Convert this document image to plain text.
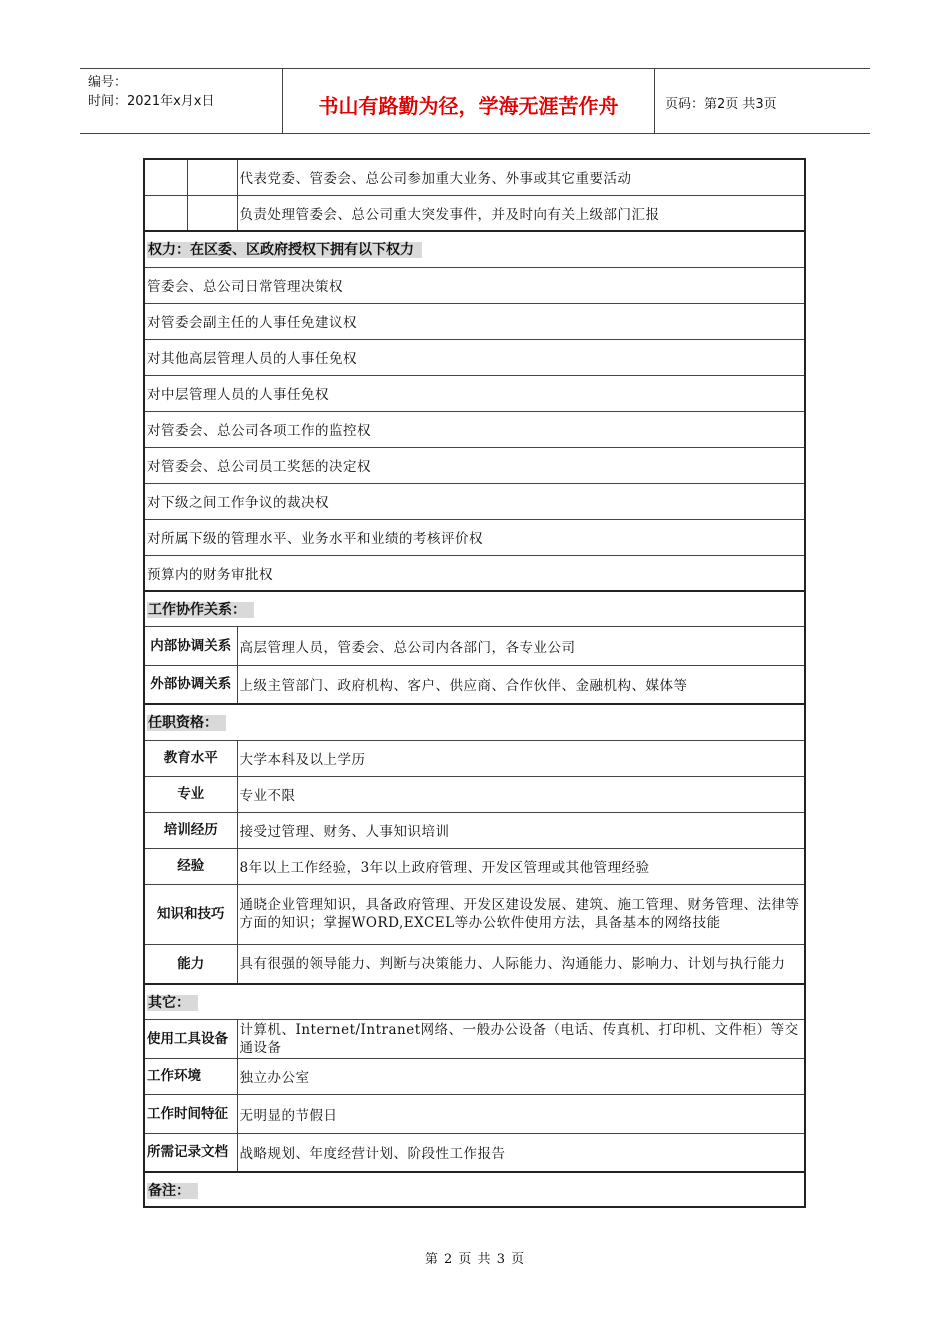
编号：
时间：2021年x月x日	书山有路勤为径，学海无涯苦作舟	页码：第2页 共3页
		代表党委、管委会、总公司参加重大业务、外事或其它重要活动
		负责处理管委会、总公司重大突发事件，并及时向有关上级部门汇报
权力：在区委、区政府授权下拥有以下权力		
管委会、总公司日常管理决策权		
对管委会副主任的人事任免建议权		
对其他高层管理人员的人事任免权		
对中层管理人员的人事任免权		
对管委会、总公司各项工作的监控权		
对管委会、总公司员工奖惩的决定权		
对下级之间工作争议的裁决权		
对所属下级的管理水平、业务水平和业绩的考核评价权		
预算内的财务审批权		
工作协作关系：		
内部协调关系		高层管理人员，管委会、总公司内各部门，各专业公司
外部协调关系		上级主管部门、政府机构、客户、供应商、合作伙伴、金融机构、媒体等
任职资格：		
教育水平		大学本科及以上学历
专业		专业不限
培训经历		接受过管理、财务、人事知识培训
经验		8年以上工作经验，3年以上政府管理、开发区管理或其他管理经验
知识和技巧		通晓企业管理知识，具备政府管理、开发区建设发展、建筑、施工管理、财务管理、法律等方面的知识；掌握WORD,EXCEL等办公软件使用方法，具备基本的网络技能
能力		具有很强的领导能力、判断与决策能力、人际能力、沟通能力、影响力、计划与执行能力
其它：		
使用工具设备		计算机、Internet/Intranet网络、一般办公设备（电话、传真机、打印机、文件柜）等交通设备
工作环境		独立办公室
工作时间特征		无明显的节假日
所需记录文档		战略规划、年度经营计划、阶段性工作报告
备注：		
第 2 页 共 3 页
